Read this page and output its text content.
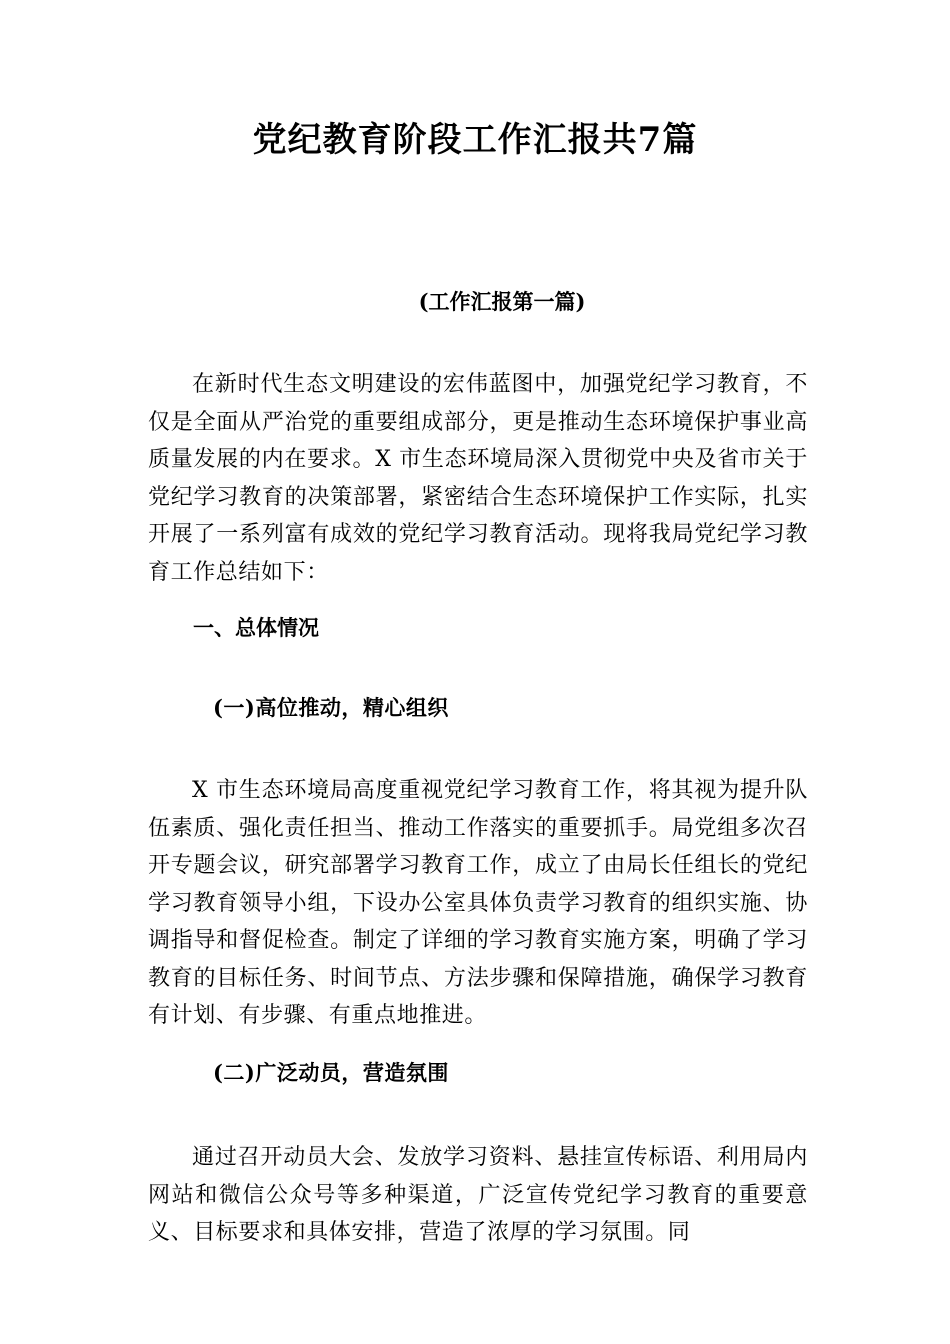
党纪教育阶段工作汇报共7篇
(工作汇报第一篇)

在新时代生态文明建设的宏伟蓝图中，加强党纪学习教育，不仅是全面从严治党的重要组成部分，更是推动生态环境保护事业高质量发展的内在要求。X 市生态环境局深入贯彻党中央及省市关于党纪学习教育的决策部署，紧密结合生态环境保护工作实际，扎实开展了一系列富有成效的党纪学习教育活动。现将我局党纪学习教育工作总结如下：

一、总体情况
(一)高位推动，精心组织

X 市生态环境局高度重视党纪学习教育工作，将其视为提升队伍素质、强化责任担当、推动工作落实的重要抓手。局党组多次召开专题会议，研究部署学习教育工作，成立了由局长任组长的党纪学习教育领导小组，下设办公室具体负责学习教育的组织实施、协调指导和督促检查。制定了详细的学习教育实施方案，明确了学习教育的目标任务、时间节点、方法步骤和保障措施，确保学习教育有计划、有步骤、有重点地推进。

(二)广泛动员，营造氛围

通过召开动员大会、发放学习资料、悬挂宣传标语、利用局内网站和微信公众号等多种渠道，广泛宣传党纪学习教育的重要意义、目标要求和具体安排，营造了浓厚的学习氛围。同
